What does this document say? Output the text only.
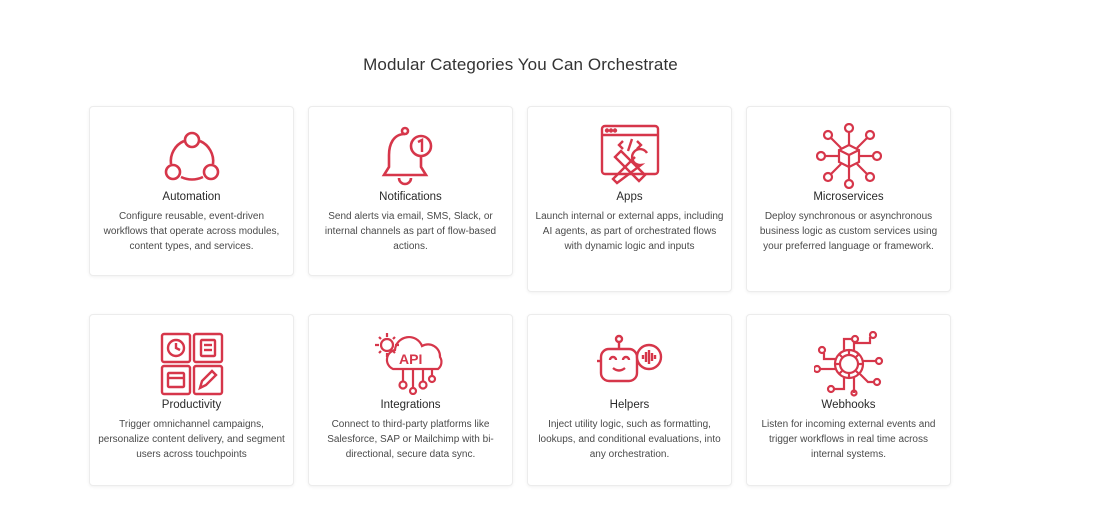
Modular Categories You Can Orchestrate
Automation
Configure reusable, event-driven workflows that operate across modules, content types, and services.
Notifications
Send alerts via email, SMS, Slack, or internal channels as part of flow-based actions.
Apps
Launch internal or external apps, including AI agents, as part of orchestrated flows with dynamic logic and inputs
Microservices
Deploy synchronous or asynchronous business logic as custom services using your preferred language or framework.
Productivity
Trigger omnichannel campaigns, personalize content delivery, and segment users across touchpoints
API
Integrations
Connect to third-party platforms like Salesforce, SAP or Mailchimp with bi-directional, secure data sync.
Helpers
Inject utility logic, such as formatting, lookups, and conditional evaluations, into any orchestration.
Webhooks
Listen for incoming external events and trigger workflows in real time across internal systems.
